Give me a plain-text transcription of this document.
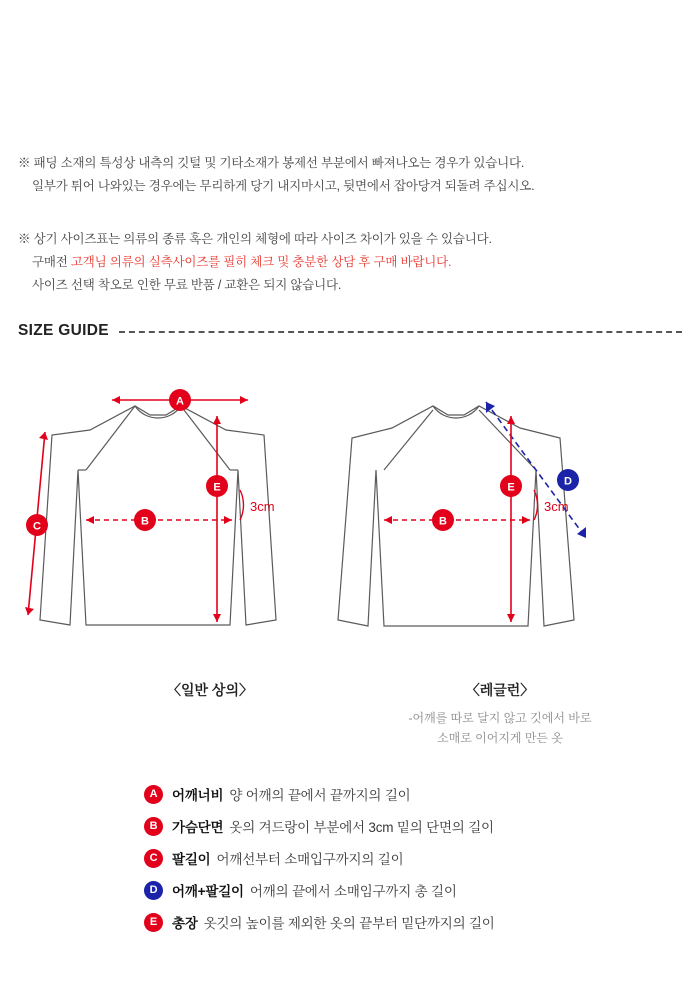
※ 패딩 소재의 특성상 내측의 깃털 및 기타소재가 봉제선 부분에서 빠져나오는 경우가 있습니다.
일부가 튀어 나와있는 경우에는 무리하게 당기 내지마시고, 뒷면에서 잡아당겨 되돌려 주십시오.
※ 상기 사이즈표는 의류의 종류 혹은 개인의 체형에 따라 사이즈 차이가 있을 수 있습니다.
구매전 고객님 의류의 실측사이즈를 필히 체크 및 충분한 상담 후 구매 바랍니다.
사이즈 선택 착오로 인한 무료 반품 / 교환은 되지 않습니다.
SIZE GUIDE
A
C	B
E
3cm
D
B
E
3cm
〈일반 상의〉	〈레글런〉
-어깨를 따로 달지 않고 깃에서 바로
소매로 이어지게 만든 옷
A	어깨너비 양 어깨의 끝에서 끝까지의 길이
B	가슴단면 옷의 겨드랑이 부분에서 3cm 밑의 단면의 길이
C	팔길이 어깨선부터 소매입구까지의 길이
D	어깨+팔길이 어깨의 끝에서 소매임구까지 총 길이
E	총장 옷깃의 높이를 제외한 옷의 끝부터 밑단까지의 길이
